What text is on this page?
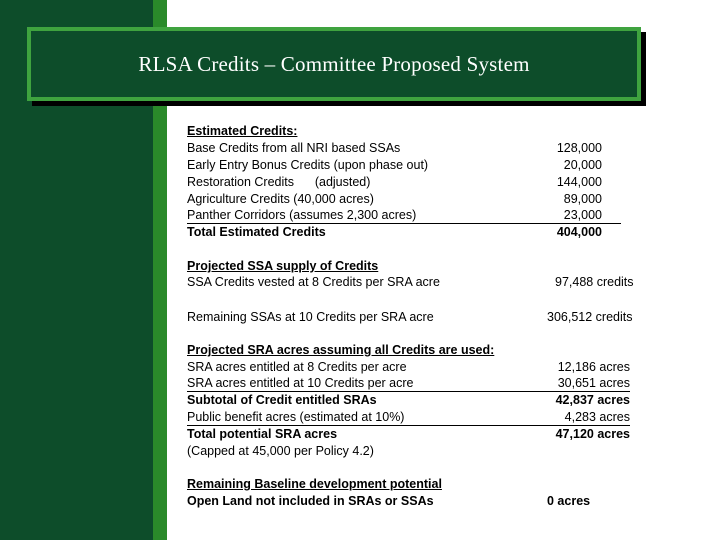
RLSA Credits – Committee Proposed System
Estimated Credits:
Base Credits from all NRI based SSAs	128,000
Early Entry Bonus Credits (upon phase out)	20,000
Restoration Credits      (adjusted)	144,000
Agriculture Credits (40,000 acres)	89,000
Panther Corridors (assumes 2,300 acres)	23,000
Total Estimated Credits	404,000
Projected SSA supply of Credits
SSA Credits vested at 8 Credits per SRA acre	97,488 credits
Remaining SSAs at 10 Credits per SRA acre	306,512 credits
Projected SRA acres assuming all Credits are used:
SRA acres entitled at 8 Credits per acre	12,186 acres
SRA acres entitled at 10 Credits per acre	30,651 acres
Subtotal of Credit entitled SRAs	42,837 acres
Public benefit acres (estimated at 10%)	4,283 acres
Total potential SRA acres	47,120 acres
(Capped at 45,000 per Policy 4.2)
Remaining Baseline development potential
Open Land not included in SRAs or SSAs	0 acres
